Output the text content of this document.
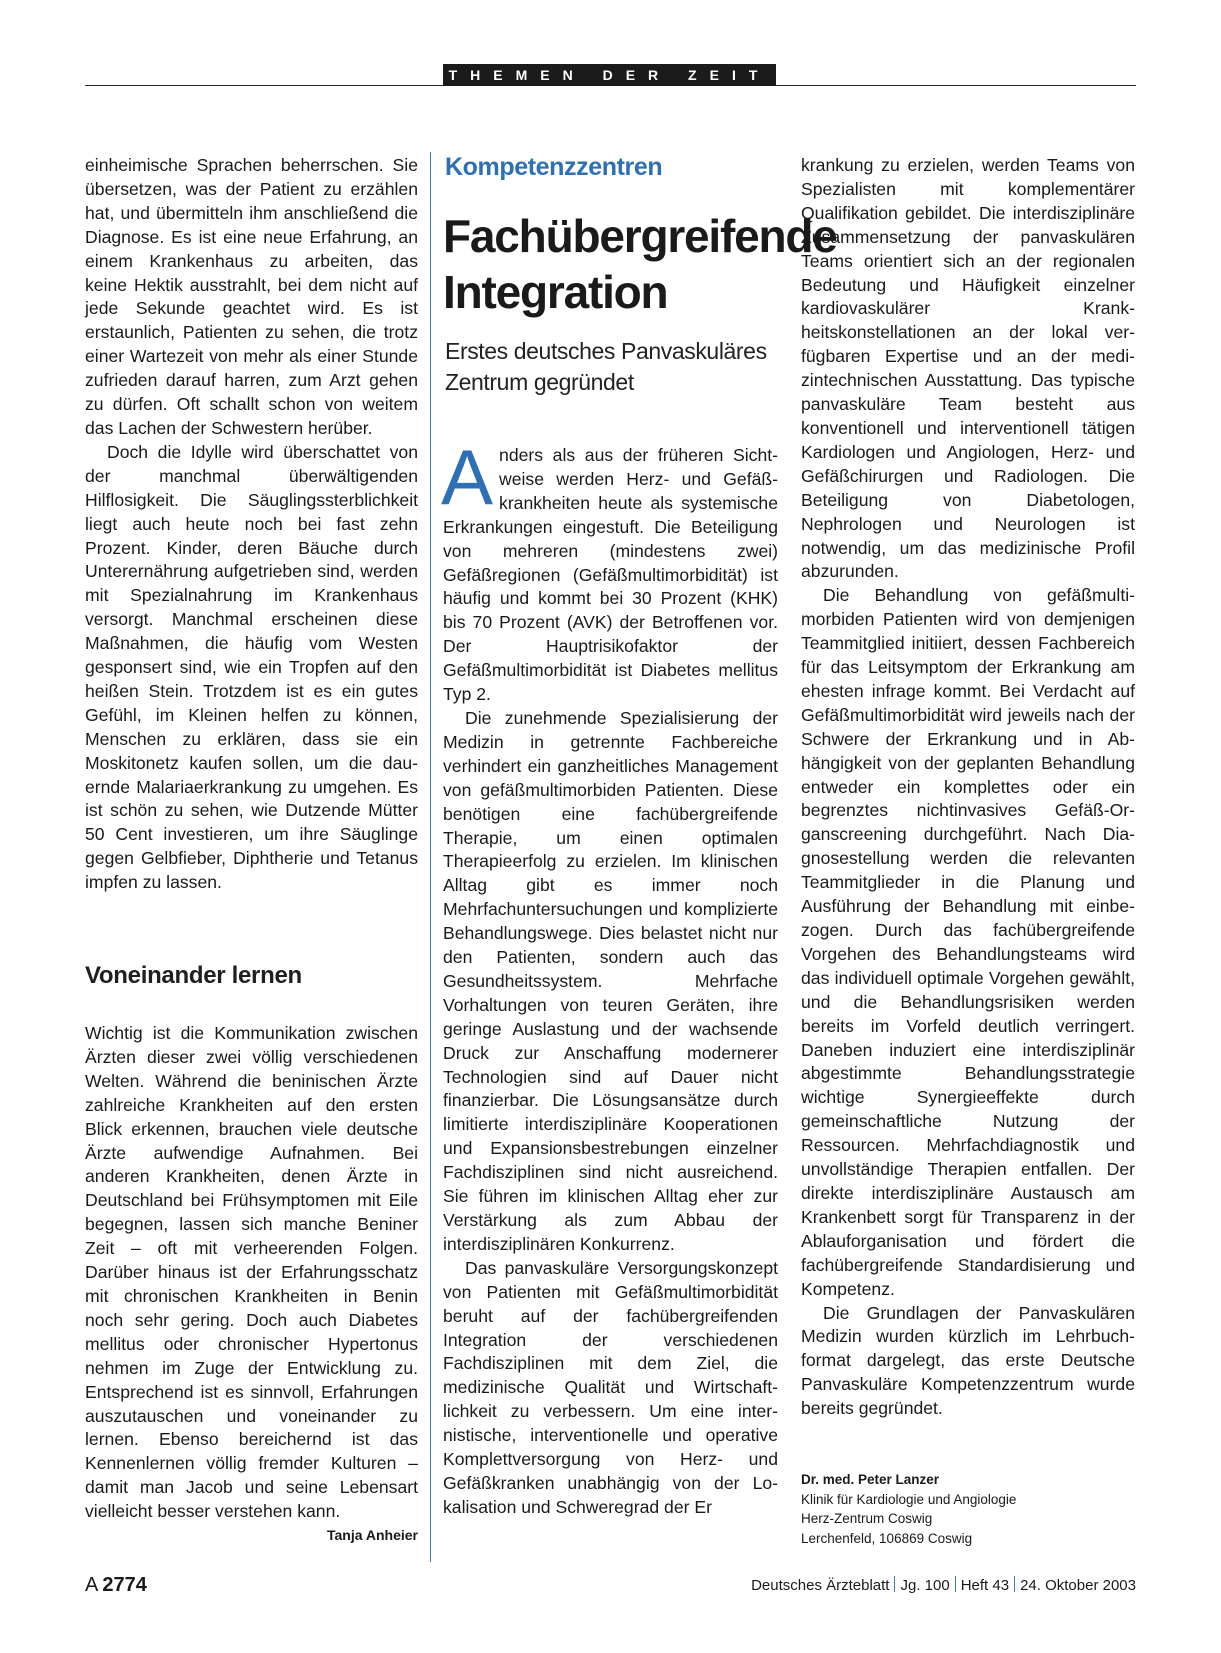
THEMEN DER ZEIT

einheimische Sprachen beherrschen. Sie übersetzen, was der Patient zu erzählen hat, und übermitteln ihm anschließend die Diagnose. Es ist eine neue Erfahrung, an einem Krankenhaus zu arbeiten, das keine Hektik ausstrahlt, bei dem nicht auf jede Sekunde geachtet wird. Es ist erstaunlich, Patienten zu sehen, die trotz einer Wartezeit von mehr als einer Stunde zufrieden darauf harren, zum Arzt gehen zu dürfen. Oft schallt schon von weitem das Lachen der Schwestern herüber.

Doch die Idylle wird überschattet von der manchmal überwältigenden Hilflosigkeit. Die Säuglingssterblichkeit liegt auch heute noch bei fast zehn Prozent. Kinder, deren Bäuche durch Unterernährung aufgetrieben sind, werden mit Spezialnahrung im Krankenhaus versorgt. Manchmal erscheinen diese Maßnahmen, die häufig vom Westen gesponsert sind, wie ein Tropfen auf den heißen Stein. Trotzdem ist es ein gutes Gefühl, im Kleinen helfen zu können, Menschen zu erklären, dass sie ein Moskitonetz kaufen sollen, um die dauernde Malariaerkrankung zu umgehen. Es ist schön zu sehen, wie Dutzende Mütter 50 Cent investieren, um ihre Säuglinge gegen Gelbfieber, Diphtherie und Tetanus impfen zu lassen.

Voneinander lernen

Wichtig ist die Kommunikation zwischen Ärzten dieser zwei völlig verschiedenen Welten. Während die beninischen Ärzte zahlreiche Krankheiten auf den ersten Blick erkennen, brauchen viele deutsche Ärzte aufwendige Aufnahmen. Bei anderen Krankheiten, denen Ärzte in Deutschland bei Frühsymptomen mit Eile begegnen, lassen sich manche Beniner Zeit – oft mit verheerenden Folgen. Darüber hinaus ist der Erfahrungsschatz mit chronischen Krankheiten in Benin noch sehr gering. Doch auch Diabetes mellitus oder chronischer Hypertonus nehmen im Zuge der Entwicklung zu. Entsprechend ist es sinnvoll, Erfahrungen auszutauschen und voneinander zu lernen. Ebenso bereichernd ist das Kennenlernen völlig fremder Kulturen – damit man Jacob und seine Lebensart vielleicht besser verstehen kann.
Tanja Anheier

Kompetenzzentren
Fachübergreifende Integration
Erstes deutsches Panvaskuläres Zentrum gegründet

Anders als aus der früheren Sichtweise werden Herz- und Gefäßkrankheiten heute als systemische Erkrankungen eingestuft. Die Beteiligung von mehreren (mindestens zwei) Gefäßregionen (Gefäßmultimorbidität) ist häufig und kommt bei 30 Prozent (KHK) bis 70 Prozent (AVK) der Betroffenen vor. Der Hauptrisikofaktor der Gefäßmultimorbidität ist Diabetes mellitus Typ 2.

Die zunehmende Spezialisierung der Medizin in getrennte Fachbereiche verhindert ein ganzheitliches Management von gefäßmultimorbiden Patienten. Diese benötigen eine fachübergreifende Therapie, um einen optimalen Therapieerfolg zu erzielen. Im klinischen Alltag gibt es immer noch Mehrfachuntersuchungen und komplizierte Behandlungswege. Dies belastet nicht nur den Patienten, sondern auch das Gesundheitssystem. Mehrfache Vorhaltungen von teuren Geräten, ihre geringe Auslastung und der wachsende Druck zur Anschaffung modernerer Technologien sind auf Dauer nicht finanzierbar. Die Lösungsansätze durch limitierte interdisziplinäre Kooperationen und Expansionsbestrebungen einzelner Fachdisziplinen sind nicht ausreichend. Sie führen im klinischen Alltag eher zur Verstärkung als zum Abbau der interdisziplinären Konkurrenz.

Das panvaskuläre Versorgungskonzept von Patienten mit Gefäßmultimorbidität beruht auf der fachübergreifenden Integration der verschiedenen Fachdisziplinen mit dem Ziel, die medizinische Qualität und Wirtschaftlichkeit zu verbessern. Um eine internistische, interventionelle und operative Komplettversorgung von Herz- und Gefäßkranken unabhängig von der Lokalisation und Schweregrad der Er

krankung zu erzielen, werden Teams von Spezialisten mit komplementärer Qualifikation gebildet. Die interdisziplinäre Zusammensetzung der panvaskulären Teams orientiert sich an der regionalen Bedeutung und Häufigkeit einzelner kardiovaskulärer Krankheitskonstellationen an der lokal verfügbaren Expertise und an der medizintechnischen Ausstattung. Das typische panvaskuläre Team besteht aus konventionell und interventionell tätigen Kardiologen und Angiologen, Herz- und Gefäßchirurgen und Radiologen. Die Beteiligung von Diabetologen, Nephrologen und Neurologen ist notwendig, um das medizinische Profil abzurunden.

Die Behandlung von gefäßmultimorbiden Patienten wird von demjenigen Teammitglied initiiert, dessen Fachbereich für das Leitsymptom der Erkrankung am ehesten infrage kommt. Bei Verdacht auf Gefäßmultimorbidität wird jeweils nach der Schwere der Erkrankung und in Abhängigkeit von der geplanten Behandlung entweder ein komplettes oder ein begrenztes nichtinvasives Gefäß-Organscreening durchgeführt. Nach Diagnosestellung werden die relevanten Teammitglieder in die Planung und Ausführung der Behandlung mit einbezogen. Durch das fachübergreifende Vorgehen des Behandlungsteams wird das individuell optimale Vorgehen gewählt, und die Behandlungsrisiken werden bereits im Vorfeld deutlich verringert. Daneben induziert eine interdisziplinär abgestimmte Behandlungsstrategie wichtige Synergieeffekte durch gemeinschaftliche Nutzung der Ressourcen. Mehrfachdiagnostik und unvollständige Therapien entfallen. Der direkte interdisziplinäre Austausch am Krankenbett sorgt für Transparenz in der Ablauforganisation und fördert die fachübergreifende Standardisierung und Kompetenz.

Die Grundlagen der Panvaskulären Medizin wurden kürzlich im Lehrbuchformat dargelegt, das erste Deutsche Panvaskuläre Kompetenzzentrum wurde bereits gegründet.

Dr. med. Peter Lanzer
Klinik für Kardiologie und Angiologie
Herz-Zentrum Coswig
Lerchenfeld, 106869 Coswig
A  2774	Deutsches Ärzteblatt Jg. 100 Heft 43 24. Oktober 2003
